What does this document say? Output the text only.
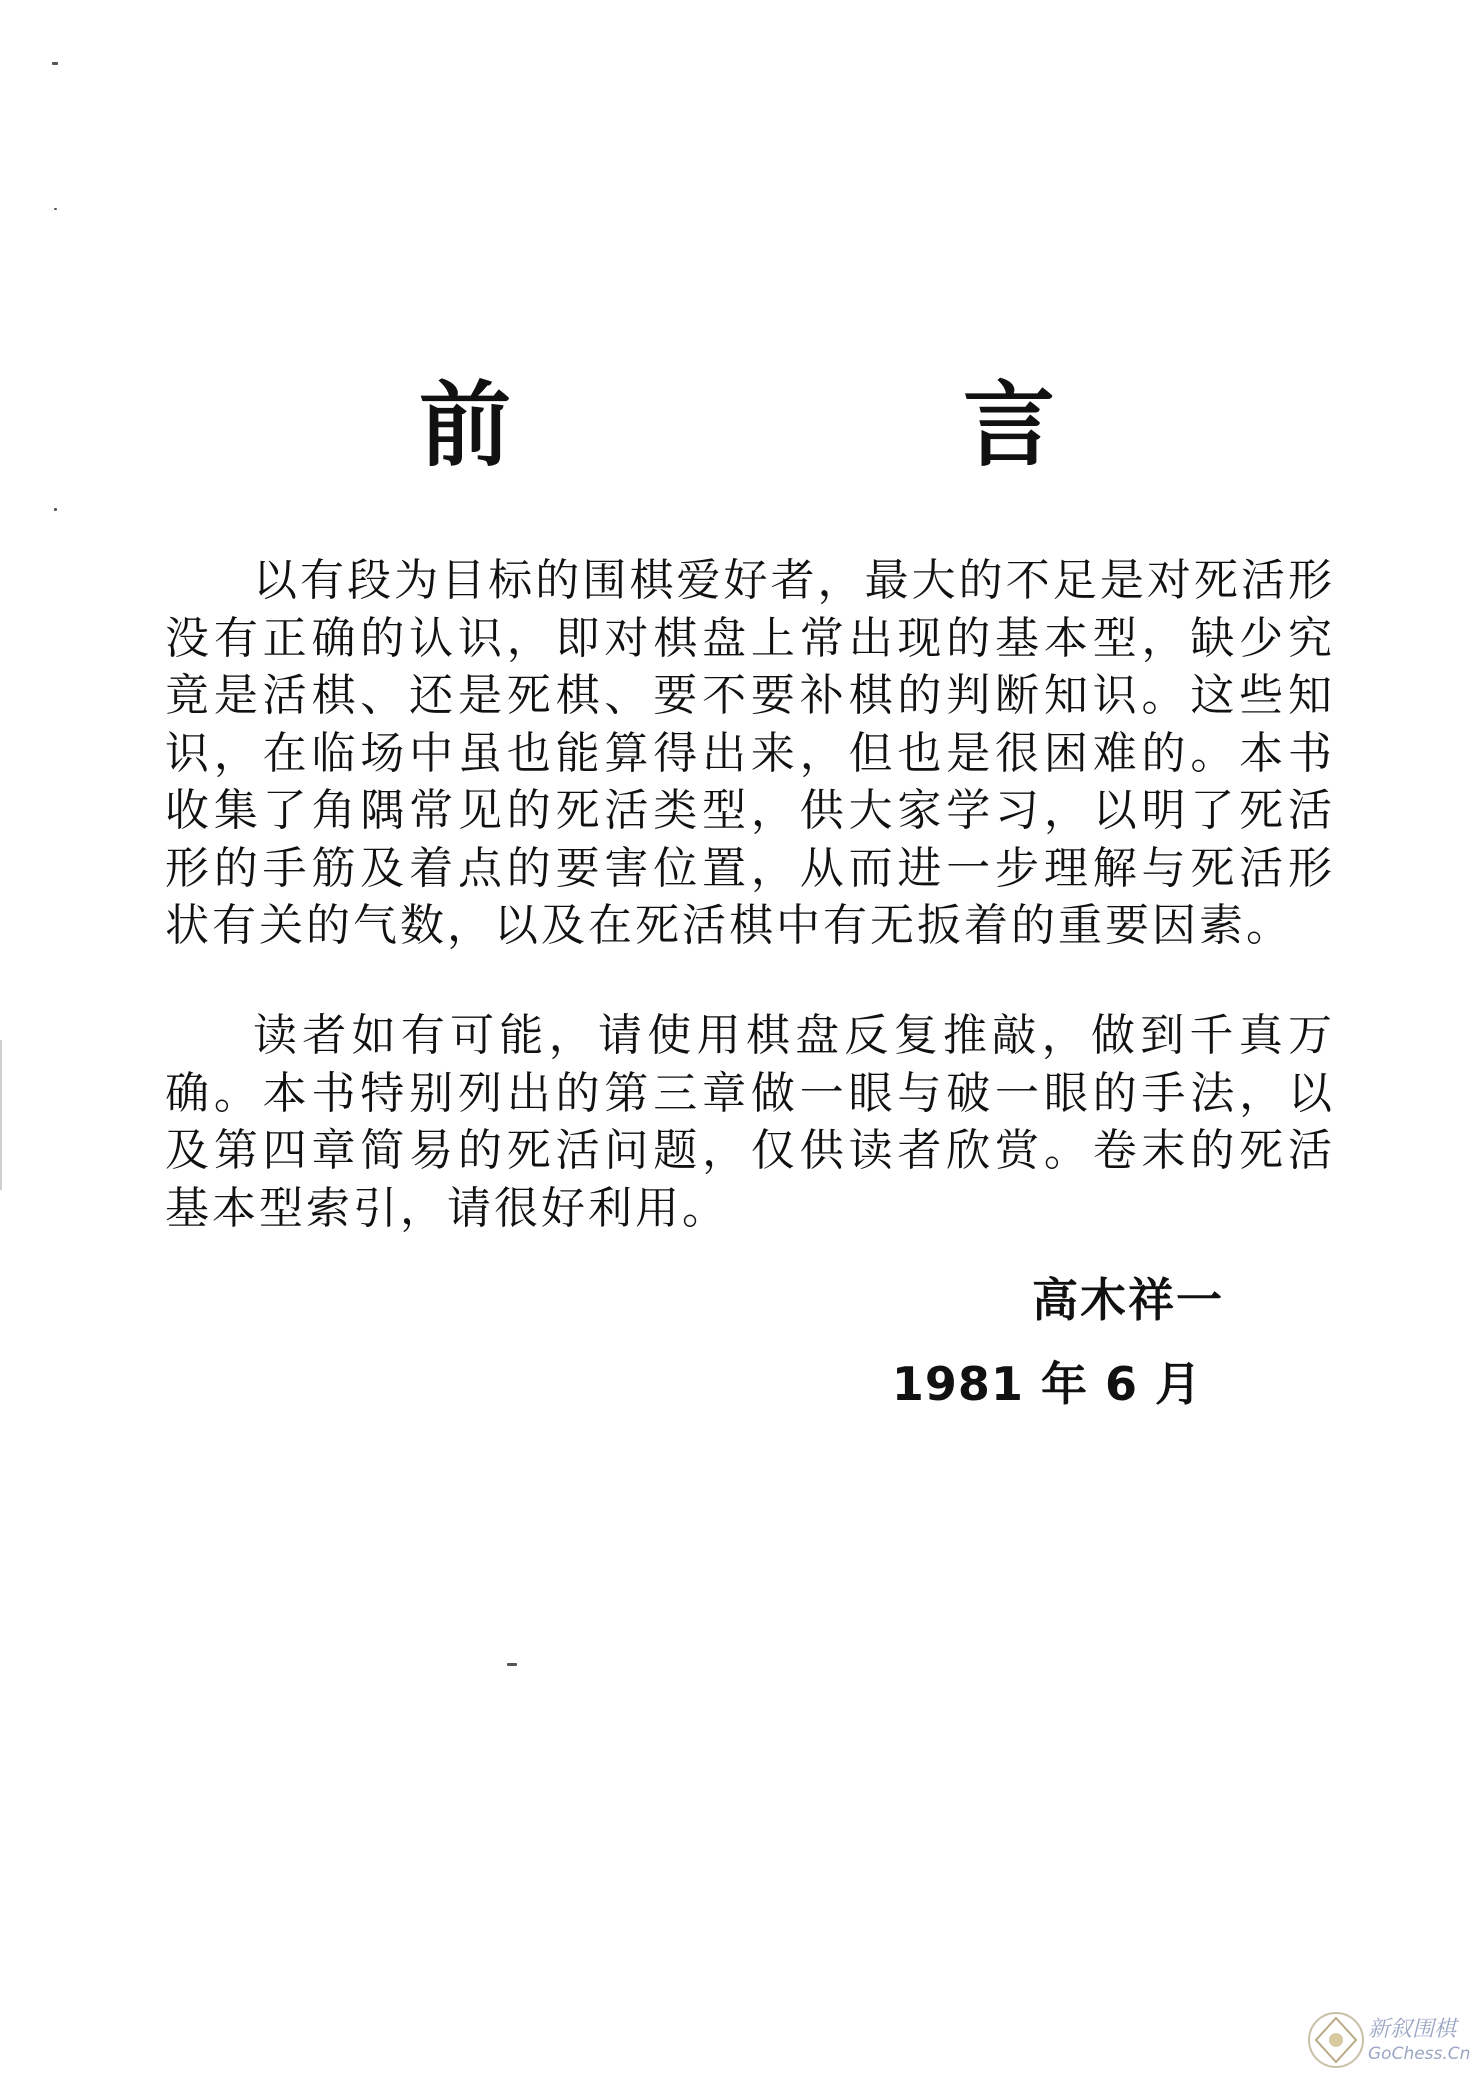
前　言

以有段为目标的围棋爱好者，最大的不足是对死活形没有正确的认识，即对棋盘上常出现的基本型，缺少究竟是活棋、还是死棋、要不要补棋的判断知识。这些知识，在临场中虽也能算得出来，但也是很困难的。本书收集了角隅常见的死活类型，供大家学习，以明了死活形的手筋及着点的要害位置，从而进一步理解与死活形状有关的气数，以及在死活棋中有无扳着的重要因素。

读者如有可能，请使用棋盘反复推敲，做到千真万确。本书特别列出的第三章做一眼与破一眼的手法，以及第四章简易的死活问题，仅供读者欣赏。卷末的死活基本型索引，请很好利用。

高木祥一
1981 年 6 月
新叙围棋
GoChess.Cn
